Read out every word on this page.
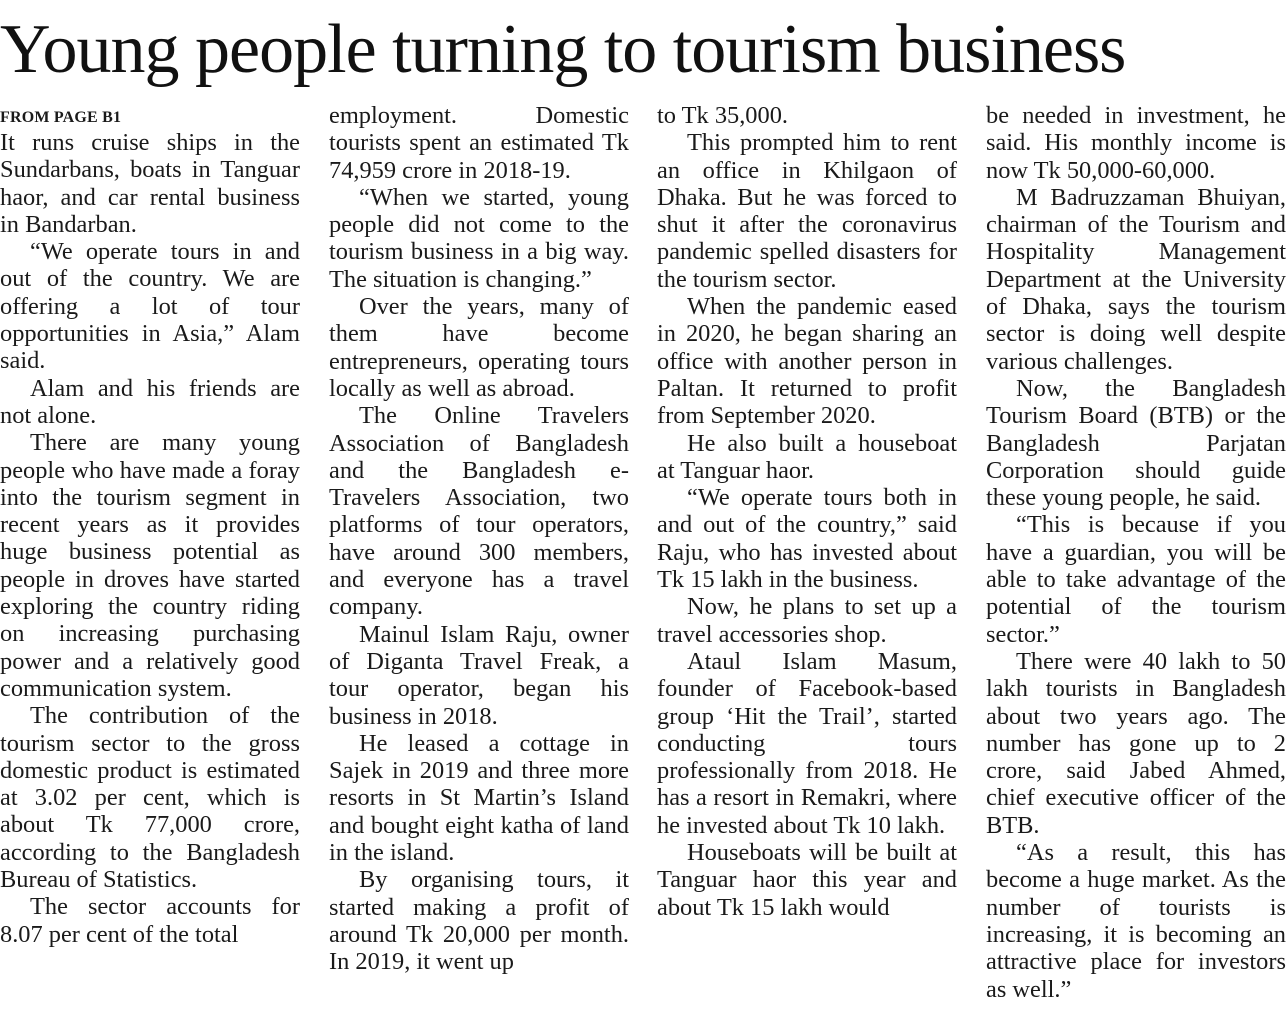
Young people turning to tourism business
FROM PAGE B1

It runs cruise ships in the Sundarbans, boats in Tanguar haor, and car rental business in Bandarban.

“We operate tours in and out of the country. We are offering a lot of tour opportunities in Asia,” Alam said.

Alam and his friends are not alone.

There are many young people who have made a foray into the tourism segment in recent years as it provides huge business potential as people in droves have started exploring the country riding on increasing purchasing power and a relatively good communication system.

The contribution of the tourism sector to the gross domestic product is estimated at 3.02 per cent, which is about Tk 77,000 crore, according to the Bangladesh Bureau of Statistics.

The sector accounts for 8.07 per cent of the total

employment. Domestic tourists spent an estimated Tk 74,959 crore in 2018-19.

“When we started, young people did not come to the tourism business in a big way. The situation is changing.”

Over the years, many of them have become entrepreneurs, operating tours locally as well as abroad.

The Online Travelers Association of Bangladesh and the Bangladesh e-Travelers Association, two platforms of tour operators, have around 300 members, and everyone has a travel company.

Mainul Islam Raju, owner of Diganta Travel Freak, a tour operator, began his business in 2018.

He leased a cottage in Sajek in 2019 and three more resorts in St Martin’s Island and bought eight katha of land in the island.

By organising tours, it started making a profit of around Tk 20,000 per month. In 2019, it went up

to Tk 35,000.

This prompted him to rent an office in Khilgaon of Dhaka. But he was forced to shut it after the coronavirus pandemic spelled disasters for the tourism sector.

When the pandemic eased in 2020, he began sharing an office with another person in Paltan. It returned to profit from September 2020.

He also built a houseboat at Tanguar haor.

“We operate tours both in and out of the country,” said Raju, who has invested about Tk 15 lakh in the business.

Now, he plans to set up a travel accessories shop.

Ataul Islam Masum, founder of Facebook-based group ‘Hit the Trail’, started conducting tours professionally from 2018. He has a resort in Remakri, where he invested about Tk 10 lakh.

Houseboats will be built at Tanguar haor this year and about Tk 15 lakh would

be needed in investment, he said. His monthly income is now Tk 50,000-60,000.

M Badruzzaman Bhuiyan, chairman of the Tourism and Hospitality Management Department at the University of Dhaka, says the tourism sector is doing well despite various challenges.

Now, the Bangladesh Tourism Board (BTB) or the Bangladesh Parjatan Corporation should guide these young people, he said.

“This is because if you have a guardian, you will be able to take advantage of the potential of the tourism sector.”

There were 40 lakh to 50 lakh tourists in Bangladesh about two years ago. The number has gone up to 2 crore, said Jabed Ahmed, chief executive officer of the BTB.

“As a result, this has become a huge market. As the number of tourists is increasing, it is becoming an attractive place for investors as well.”
